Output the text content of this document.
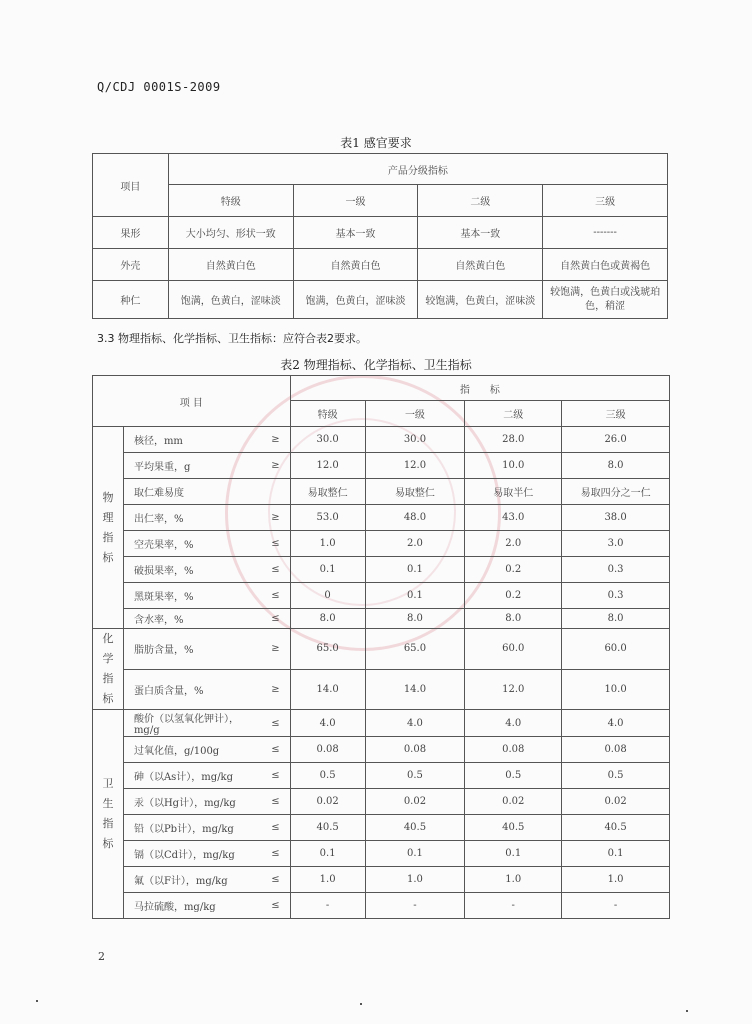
Q/CDJ 0001S-2009
表1 感官要求
项目	产品分级指标			
	特级	一级	二级	三级
果形	大小均匀、形状一致	基本一致	基本一致	-------
外壳	自然黄白色	自然黄白色	自然黄白色	自然黄白色或黄褐色
种仁	饱满，色黄白，涩味淡	饱满，色黄白，涩味淡	较饱满，色黄白，涩味淡	较饱满，色黄白或浅琥珀色，稍涩
3.3 物理指标、化学指标、卫生指标：应符合表2要求。
表2 物理指标、化学指标、卫生指标
项 目			指　　标			
			特级	一级	二级	三级
物
理
指
标	核径，mm	≥	30.0	30.0	28.0	26.0
	平均果重，g	≥	12.0	12.0	10.0	8.0
	取仁难易度		易取整仁	易取整仁	易取半仁	易取四分之一仁
	出仁率，%	≥	53.0	48.0	43.0	38.0
	空壳果率，%	≤	1.0	2.0	2.0	3.0
	破损果率，%	≤	0.1	0.1	0.2	0.3
	黑斑果率，%	≤	0	0.1	0.2	0.3
	含水率，%	≤	8.0	8.0	8.0	8.0
化
学
指
标	脂肪含量，%	≥	65.0	65.0	60.0	60.0
	蛋白质含量，%	≥	14.0	14.0	12.0	10.0
卫
生
指
标	酸价（以氢氧化钾计），mg/g	≤	4.0	4.0	4.0	4.0
	过氧化值，g/100g	≤	0.08	0.08	0.08	0.08
	砷（以As计），mg/kg	≤	0.5	0.5	0.5	0.5
	汞（以Hg计），mg/kg	≤	0.02	0.02	0.02	0.02
	铅（以Pb计），mg/kg	≤	40.5	40.5	40.5	40.5
	镉（以Cd计），mg/kg	≤	0.1	0.1	0.1	0.1
	氟（以F计），mg/kg	≤	1.0	1.0	1.0	1.0
	马拉硫酸，mg/kg	≤	-	-	-	-
2
